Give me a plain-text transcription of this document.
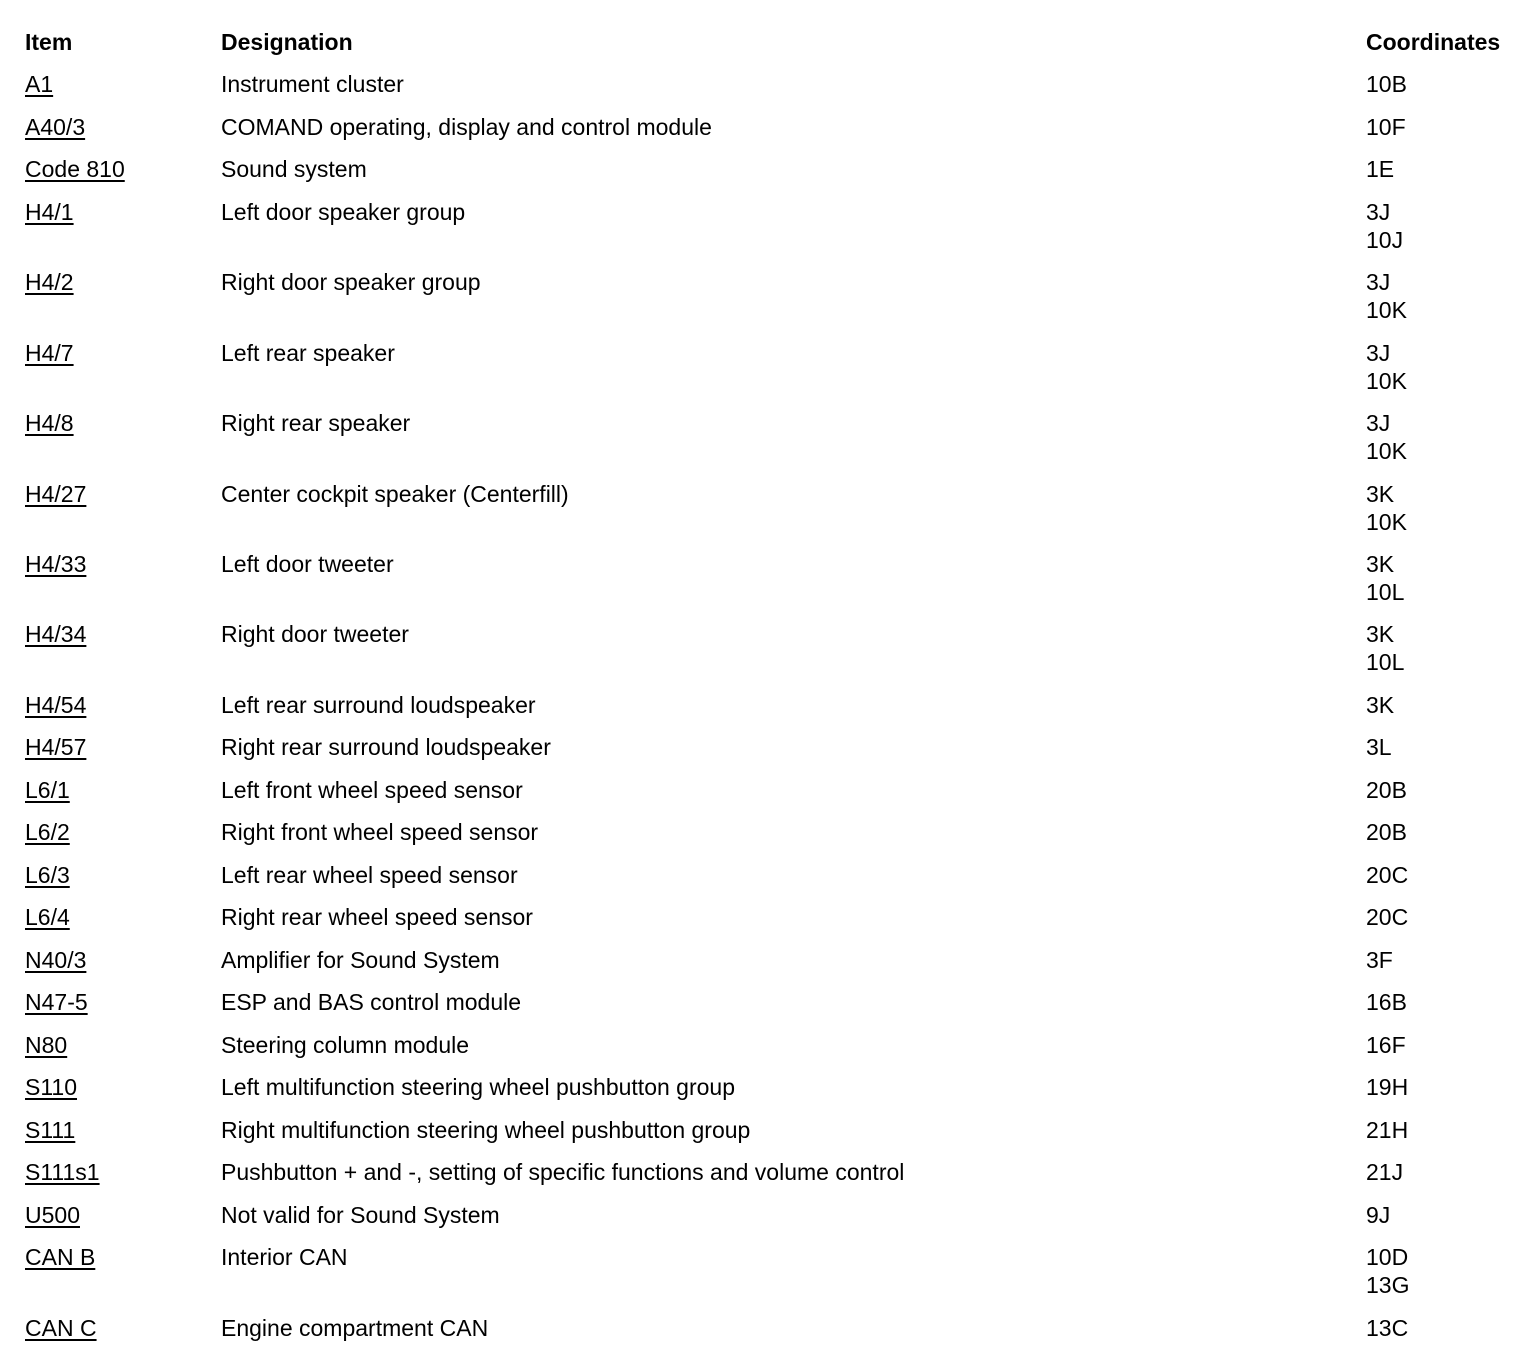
Item	Designation	Coordinates
A1	Instrument cluster	10B
A40/3	COMAND operating, display and control module	10F
Code 810	Sound system	1E
H4/1	Left door speaker group	3J
10J
H4/2	Right door speaker group	3J
10K
H4/7	Left rear speaker	3J
10K
H4/8	Right rear speaker	3J
10K
H4/27	Center cockpit speaker (Centerfill)	3K
10K
H4/33	Left door tweeter	3K
10L
H4/34	Right door tweeter	3K
10L
H4/54	Left rear surround loudspeaker	3K
H4/57	Right rear surround loudspeaker	3L
L6/1	Left front wheel speed sensor	20B
L6/2	Right front wheel speed sensor	20B
L6/3	Left rear wheel speed sensor	20C
L6/4	Right rear wheel speed sensor	20C
N40/3	Amplifier for Sound System	3F
N47-5	ESP and BAS control module	16B
N80	Steering column module	16F
S110	Left multifunction steering wheel pushbutton group	19H
S111	Right multifunction steering wheel pushbutton group	21H
S111s1	Pushbutton + and -, setting of specific functions and volume control	21J
U500	Not valid for Sound System	9J
CAN B	Interior CAN	10D
13G
CAN C	Engine compartment CAN	13C
